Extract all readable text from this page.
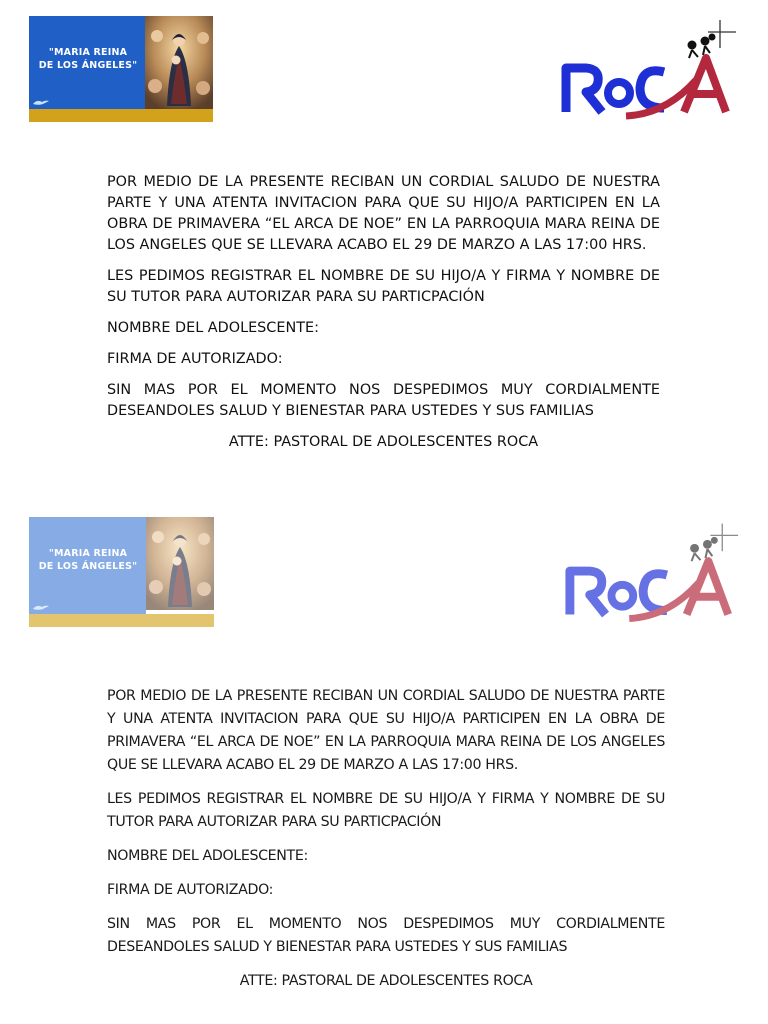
"MARIA REINA
DE LOS ÁNGELES"
·

POR MEDIO DE LA PRESENTE RECIBAN UN CORDIAL SALUDO DE NUESTRA PARTE Y UNA ATENTA INVITACION PARA QUE SU HIJO/A PARTICIPEN EN LA OBRA DE PRIMAVERA “EL ARCA DE NOE” EN LA PARROQUIA MARA REINA DE LOS ANGELES QUE SE LLEVARA ACABO EL 29 DE MARZO A LAS 17:00 HRS.

LES PEDIMOS REGISTRAR EL NOMBRE DE SU HIJO/A Y FIRMA Y NOMBRE DE SU TUTOR PARA AUTORIZAR PARA SU PARTICPACIÓN

NOMBRE DEL ADOLESCENTE:

FIRMA DE AUTORIZADO:

SIN MAS POR EL MOMENTO NOS DESPEDIMOS MUY CORDIALMENTE DESEANDOLES SALUD Y BIENESTAR PARA USTEDES Y SUS FAMILIAS

ATTE: PASTORAL DE ADOLESCENTES ROCA

"MARIA REINA
DE LOS ÁNGELES"

POR MEDIO DE LA PRESENTE RECIBAN UN CORDIAL SALUDO DE NUESTRA PARTE Y UNA ATENTA INVITACION PARA QUE SU HIJO/A PARTICIPEN EN LA OBRA DE PRIMAVERA “EL ARCA DE NOE” EN LA PARROQUIA MARA REINA DE LOS ANGELES QUE SE LLEVARA ACABO EL 29 DE MARZO A LAS 17:00 HRS.

LES PEDIMOS REGISTRAR EL NOMBRE DE SU HIJO/A Y FIRMA Y NOMBRE DE SU TUTOR PARA AUTORIZAR PARA SU PARTICPACIÓN

NOMBRE DEL ADOLESCENTE:

FIRMA DE AUTORIZADO:

SIN MAS POR EL MOMENTO NOS DESPEDIMOS MUY CORDIALMENTE DESEANDOLES SALUD Y BIENESTAR PARA USTEDES Y SUS FAMILIAS

ATTE: PASTORAL DE ADOLESCENTES ROCA
